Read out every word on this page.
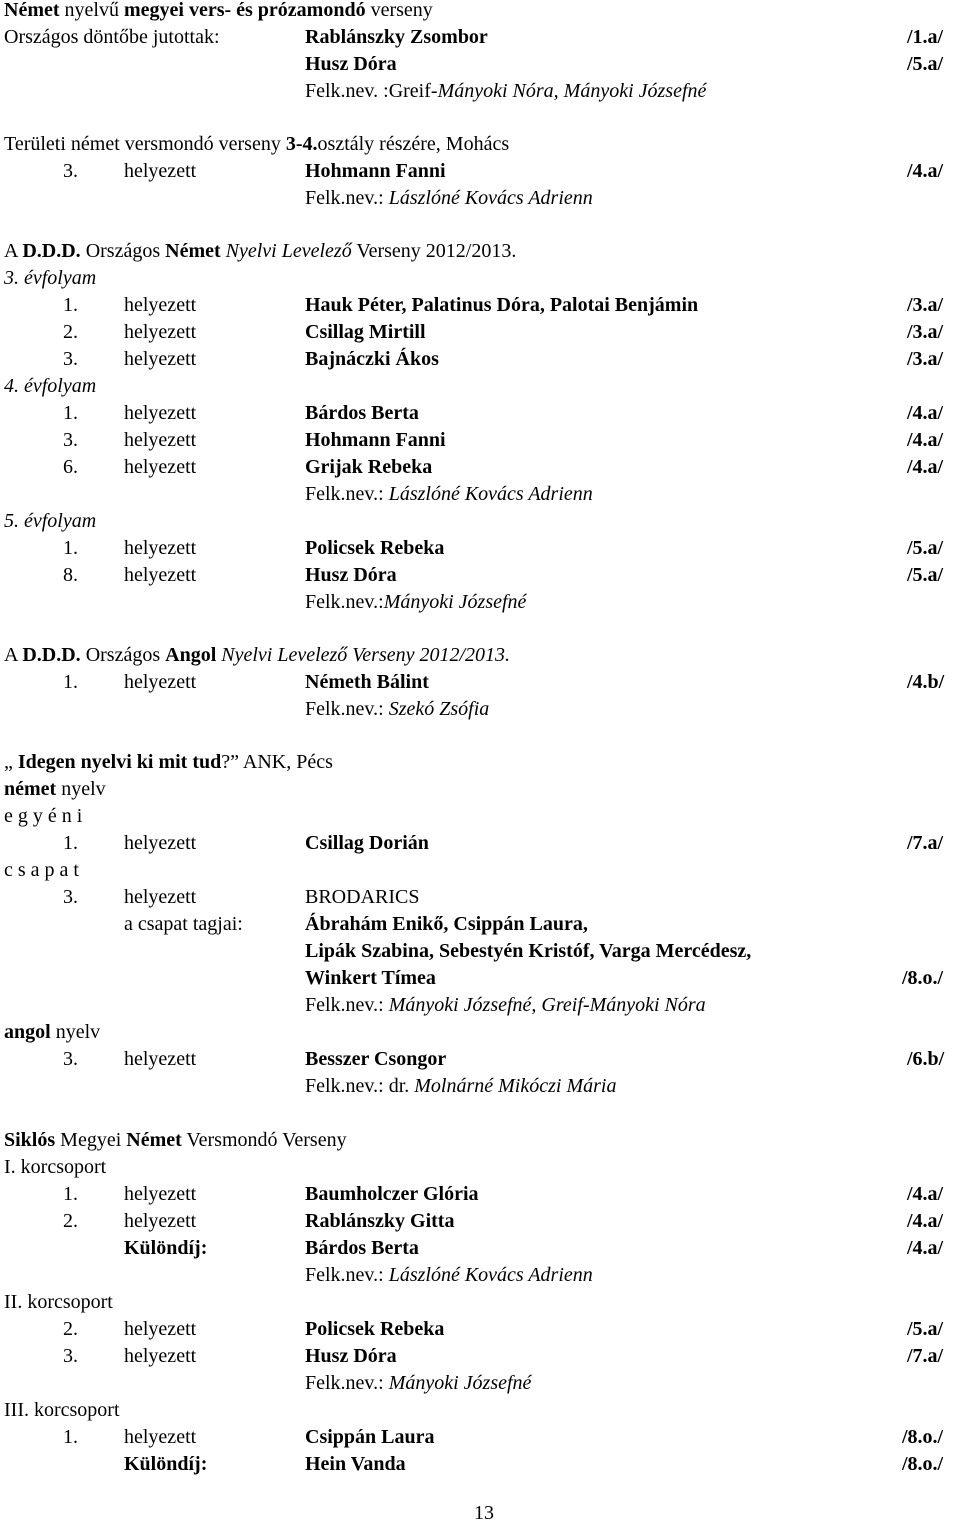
Német nyelvű megyei vers- és prózamondó verseny
Országos döntőbe jutottak:	Rablánszky Zsombor	/1.a/
Husz Dóra	/5.a/
Felk.nev. :Greif-Mányoki Nóra, Mányoki Józsefné
Területi német versmondó verseny 3-4.osztály részére, Mohács
3. helyezett	Hohmann Fanni	/4.a/
Felk.nev.: Lászlóné Kovács Adrienn
A D.D.D. Országos Német Nyelvi Levelező Verseny 2012/2013.
3. évfolyam
1. helyezett	Hauk Péter, Palatinus Dóra, Palotai Benjámin	/3.a/
2. helyezett	Csillag Mirtill	/3.a/
3. helyezett	Bajnáczki Ákos	/3.a/
4. évfolyam
1. helyezett	Bárdos Berta	/4.a/
3. helyezett	Hohmann Fanni	/4.a/
6. helyezett	Grijak Rebeka	/4.a/
Felk.nev.: Lászlóné Kovács Adrienn
5. évfolyam
1. helyezett	Policsek Rebeka	/5.a/
8. helyezett	Husz Dóra	/5.a/
Felk.nev.:Mányoki Józsefné
A D.D.D. Országos Angol Nyelvi Levelező Verseny 2012/2013.
1. helyezett	Németh Bálint	/4.b/
Felk.nev.: Szekó Zsófia
„ Idegen nyelvi ki mit tud?” ANK, Pécs
német nyelv
e g y é n i
1. helyezett	Csillag Dorián	/7.a/
c s a p a t
3. helyezett	BRODARICS
a csapat tagjai:	Ábrahám Enikő, Csippán Laura,
Lipák Szabina, Sebestyén Kristóf, Varga Mercédesz,
Winkert Tímea	/8.o./
Felk.nev.: Mányoki Józsefné, Greif-Mányoki Nóra
angol nyelv
3. helyezett	Besszer Csongor	/6.b/
Felk.nev.: dr. Molnárné Mikóczi Mária
Siklós Megyei Német Versmondó Verseny
I. korcsoport
1. helyezett	Baumholczer Glória	/4.a/
2. helyezett	Rablánszky Gitta	/4.a/
Különdíj:	Bárdos Berta	/4.a/
Felk.nev.: Lászlóné Kovács Adrienn
II. korcsoport
2. helyezett	Policsek Rebeka	/5.a/
3. helyezett	Husz Dóra	/7.a/
Felk.nev.: Mányoki Józsefné
III. korcsoport
1. helyezett	Csippán Laura	/8.o./
Különdíj:	Hein Vanda	/8.o./
13
